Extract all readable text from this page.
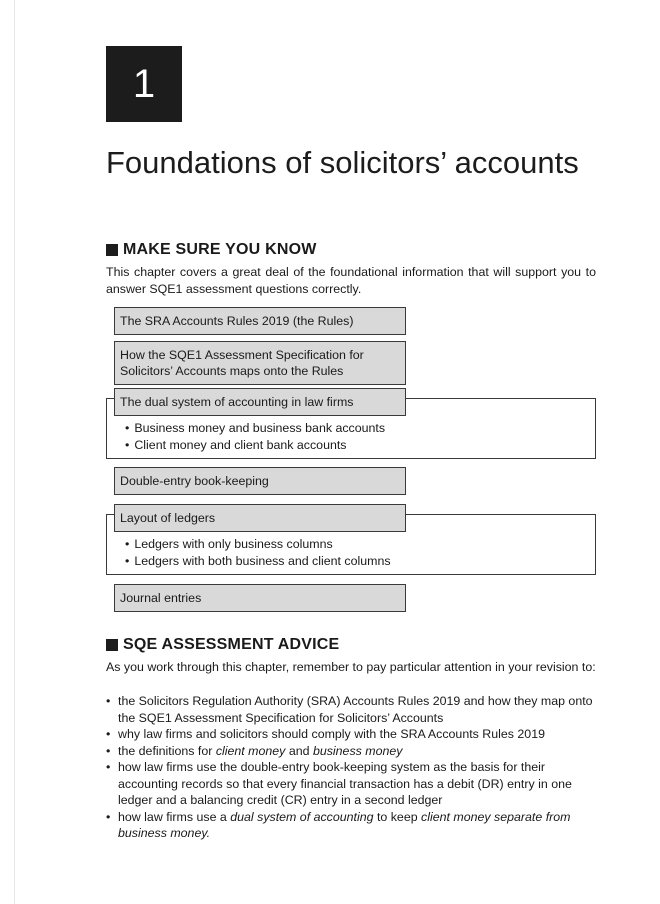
1
Foundations of solicitors’ accounts
MAKE SURE YOU KNOW

This chapter covers a great deal of the foundational information that will support you to answer SQE1 assessment questions correctly.

The SRA Accounts Rules 2019 (the Rules)
How the SQE1 Assessment Specification for Solicitors’ Accounts maps onto the Rules
• Business money and business bank accounts
• Client money and client bank accounts
The dual system of accounting in law firms
Double-entry book-keeping
• Ledgers with only business columns
• Ledgers with both business and client columns
Layout of ledgers
Journal entries
SQE ASSESSMENT ADVICE

As you work through this chapter, remember to pay particular attention in your revision to:

• the Solicitors Regulation Authority (SRA) Accounts Rules 2019 and how they map onto the SQE1 Assessment Specification for Solicitors’ Accounts
• why law firms and solicitors should comply with the SRA Accounts Rules 2019
• the definitions for client money and business money
• how law firms use the double-entry book-keeping system as the basis for their accounting records so that every financial transaction has a debit (DR) entry in one ledger and a balancing credit (CR) entry in a second ledger
• how law firms use a dual system of accounting to keep client money separate from business money.
